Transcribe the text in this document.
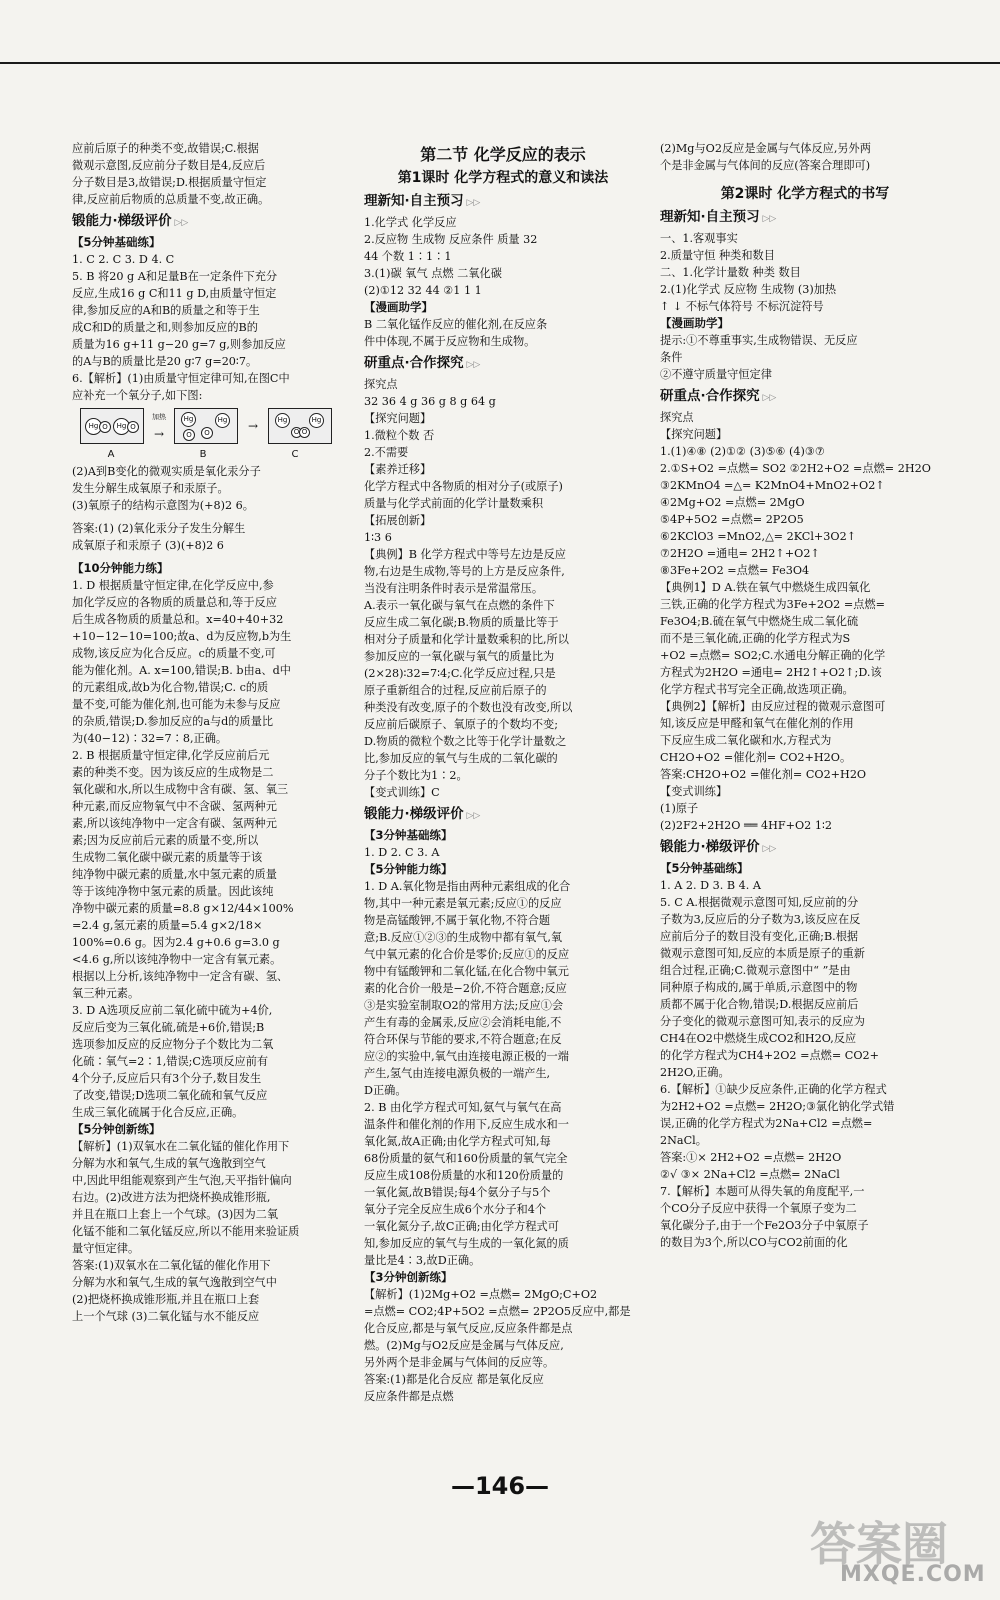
应前后原子的种类不变,故错误;C.根据

微观示意图,反应前分子数目是4,反应后

分子数目是3,故错误;D.根据质量守恒定

律,反应前后物质的总质量不变,故正确。

锻能力·梯级评价 ▷▷
【5分钟基础练】

1. C 2. C 3. D 4. C

5. B 将20 g A和足量B在一定条件下充分

反应,生成16 g C和11 g D,由质量守恒定

律,参加反应的A和B的质量之和等于生

成C和D的质量之和,则参加反应的B的

质量为16 g+11 g−20 g=7 g,则参加反应

的A与B的质量比是20 g∶7 g=20∶7。

6.【解析】(1)由质量守恒定律可知,在图C中

应补充一个氧分子,如下图:

Hg O	Hg O
加热
→
Hg
O
Hg
O
→	Hg	Hg
O O
A	B	C

(2)A到B变化的微观实质是氧化汞分子

发生分解生成氧原子和汞原子。

(3)氧原子的结构示意图为(+8)2 6。

答案:(1) (2)氧化汞分子发生分解生

成氧原子和汞原子 (3)(+8)2 6

【10分钟能力练】

1. D 根据质量守恒定律,在化学反应中,参

加化学反应的各物质的质量总和,等于反应

后生成各物质的质量总和。x=40+40+32

+10−12−10=100;故a、d为反应物,b为生

成物,该反应为化合反应。c的质量不变,可

能为催化剂。A. x=100,错误;B. b由a、d中

的元素组成,故b为化合物,错误;C. c的质

量不变,可能为催化剂,也可能为未参与反应

的杂质,错误;D.参加反应的a与d的质量比

为(40−12)∶32=7∶8,正确。

2. B 根据质量守恒定律,化学反应前后元

素的种类不变。因为该反应的生成物是二

氧化碳和水,所以生成物中含有碳、氢、氧三

种元素,而反应物氧气中不含碳、氢两种元

素,所以该纯净物中一定含有碳、氢两种元

素;因为反应前后元素的质量不变,所以

生成物二氧化碳中碳元素的质量等于该

纯净物中碳元素的质量,水中氢元素的质量

等于该纯净物中氢元素的质量。因此该纯

净物中碳元素的质量=8.8 g×12/44×100%

=2.4 g,氢元素的质量=5.4 g×2/18×

100%=0.6 g。因为2.4 g+0.6 g=3.0 g

<4.6 g,所以该纯净物中一定含有氧元素。

根据以上分析,该纯净物中一定含有碳、氢、

氧三种元素。

3. D A选项反应前二氧化硫中硫为+4价,

反应后变为三氧化硫,硫是+6价,错误;B

选项参加反应的反应物分子个数比为二氧

化硫∶氧气=2∶1,错误;C选项反应前有

4个分子,反应后只有3个分子,数目发生

了改变,错误;D选项二氧化硫和氧气反应

生成三氧化硫属于化合反应,正确。

【5分钟创新练】

【解析】(1)双氧水在二氧化锰的催化作用下

分解为水和氧气,生成的氧气逸散到空气

中,因此甲组能观察到产生气泡,天平指针偏向

右边。(2)改进方法为把烧杯换成锥形瓶,

并且在瓶口上套上一个气球。(3)因为二氧

化锰不能和二氧化锰反应,所以不能用来验证质

量守恒定律。

答案:(1)双氧水在二氧化锰的催化作用下

分解为水和氧气,生成的氧气逸散到空气中

(2)把烧杯换成锥形瓶,并且在瓶口上套

上一个气球 (3)二氧化锰与水不能反应

第二节 化学反应的表示
第1课时 化学方程式的意义和读法
理新知·自主预习 ▷▷

1.化学式 化学反应

2.反应物 生成物 反应条件 质量 32

44 个数 1∶1∶1

3.(1)碳 氧气 点燃 二氧化碳

(2)①12 32 44 ②1 1 1

【漫画助学】

B 二氧化锰作反应的催化剂,在反应条

件中体现,不属于反应物和生成物。

研重点·合作探究 ▷▷

探究点

32 36 4 g 36 g 8 g 64 g

【探究问题】

1.微粒个数 否

2.不需要

【素养迁移】

化学方程式中各物质的相对分子(或原子)

质量与化学式前面的化学计量数乘积

【拓展创新】

1∶3 6

【典例】B 化学方程式中等号左边是反应

物,右边是生成物,等号的上方是反应条件,

当没有注明条件时表示是常温常压。

A.表示一氧化碳与氧气在点燃的条件下

反应生成二氧化碳;B.物质的质量比等于

相对分子质量和化学计量数乘积的比,所以

参加反应的一氧化碳与氧气的质量比为

(2×28)∶32=7∶4;C.化学反应过程,只是

原子重新组合的过程,反应前后原子的

种类没有改变,原子的个数也没有改变,所以

反应前后碳原子、氧原子的个数均不变;

D.物质的微粒个数之比等于化学计量数之

比,参加反应的氧气与生成的二氧化碳的

分子个数比为1∶2。

【变式训练】C

锻能力·梯级评价 ▷▷
【3分钟基础练】

1. D 2. C 3. A

【5分钟能力练】

1. D A.氧化物是指由两种元素组成的化合

物,其中一种元素是氧元素;反应①的反应

物是高锰酸钾,不属于氧化物,不符合题

意;B.反应①②③的生成物中都有氧气,氧

气中氧元素的化合价是零价;反应①的反应

物中有锰酸钾和二氧化锰,在化合物中氧元

素的化合价一般是−2价,不符合题意;反应

③是实验室制取O2的常用方法;反应①会

产生有毒的金属汞,反应②会消耗电能,不

符合环保与节能的要求,不符合题意;在反

应②的实验中,氧气由连接电源正极的一端

产生,氢气由连接电源负极的一端产生,

D正确。

2. B 由化学方程式可知,氨气与氧气在高

温条件和催化剂的作用下,反应生成水和一

氧化氮,故A正确;由化学方程式可知,每

68份质量的氨气和160份质量的氧气完全

反应生成108份质量的水和120份质量的

一氧化氮,故B错误;每4个氨分子与5个

氧分子完全反应生成6个水分子和4个

一氧化氮分子,故C正确;由化学方程式可

知,参加反应的氧气与生成的一氧化氮的质

量比是4∶3,故D正确。

【3分钟创新练】

【解析】(1)2Mg+O2 =点燃= 2MgO;C+O2

=点燃= CO2;4P+5O2 =点燃= 2P2O5反应中,都是

化合反应,都是与氧气反应,反应条件都是点

燃。(2)Mg与O2反应是金属与气体反应,

另外两个是非金属与气体间的反应等。

答案:(1)都是化合反应 都是氧化反应

反应条件都是点燃

(2)Mg与O2反应是金属与气体反应,另外两

个是非金属与气体间的反应(答案合理即可)

第2课时 化学方程式的书写
理新知·自主预习 ▷▷

一、1.客观事实

2.质量守恒 种类和数目

二、1.化学计量数 种类 数目

2.(1)化学式 反应物 生成物 (3)加热

↑ ↓ 不标气体符号 不标沉淀符号

【漫画助学】

提示:①不尊重事实,生成物错误、无反应

条件

②不遵守质量守恒定律

研重点·合作探究 ▷▷

探究点

【探究问题】

1.(1)④⑧ (2)①② (3)⑤⑥ (4)③⑦

2.①S+O2 =点燃= SO2 ②2H2+O2 =点燃= 2H2O

③2KMnO4 =△= K2MnO4+MnO2+O2↑

④2Mg+O2 =点燃= 2MgO

⑤4P+5O2 =点燃= 2P2O5

⑥2KClO3 =MnO2,△= 2KCl+3O2↑

⑦2H2O =通电= 2H2↑+O2↑

⑧3Fe+2O2 =点燃= Fe3O4

【典例1】D A.铁在氧气中燃烧生成四氧化

三铁,正确的化学方程式为3Fe+2O2 =点燃=

Fe3O4;B.硫在氧气中燃烧生成二氧化硫

而不是三氧化硫,正确的化学方程式为S

+O2 =点燃= SO2;C.水通电分解正确的化学

方程式为2H2O =通电= 2H2↑+O2↑;D.该

化学方程式书写完全正确,故选项正确。

【典例2】【解析】由反应过程的微观示意图可

知,该反应是甲醛和氧气在催化剂的作用

下反应生成二氧化碳和水,方程式为

CH2O+O2 =催化剂= CO2+H2O。

答案:CH2O+O2 =催化剂= CO2+H2O

【变式训练】

(1)原子

(2)2F2+2H2O ══ 4HF+O2 1∶2

锻能力·梯级评价 ▷▷
【5分钟基础练】

1. A 2. D 3. B 4. A

5. C A.根据微观示意图可知,反应前的分

子数为3,反应后的分子数为3,该反应在反

应前后分子的数目没有变化,正确;B.根据

微观示意图可知,反应的本质是原子的重新

组合过程,正确;C.微观示意图中“ ”是由

同种原子构成的,属于单质,示意图中的物

质都不属于化合物,错误;D.根据反应前后

分子变化的微观示意图可知,表示的反应为

CH4在O2中燃烧生成CO2和H2O,反应

的化学方程式为CH4+2O2 =点燃= CO2+

2H2O,正确。

6.【解析】①缺少反应条件,正确的化学方程式

为2H2+O2 =点燃= 2H2O;③氯化钠化学式错

误,正确的化学方程式为2Na+Cl2 =点燃=

2NaCl。

答案:①× 2H2+O2 =点燃= 2H2O

②√ ③× 2Na+Cl2 =点燃= 2NaCl

7.【解析】本题可从得失氧的角度配平,一

个CO分子反应中获得一个氧原子变为二

氧化碳分子,由于一个Fe2O3分子中氧原子

的数目为3个,所以CO与CO2前面的化

—146—
答案圈
MXQE.COM
